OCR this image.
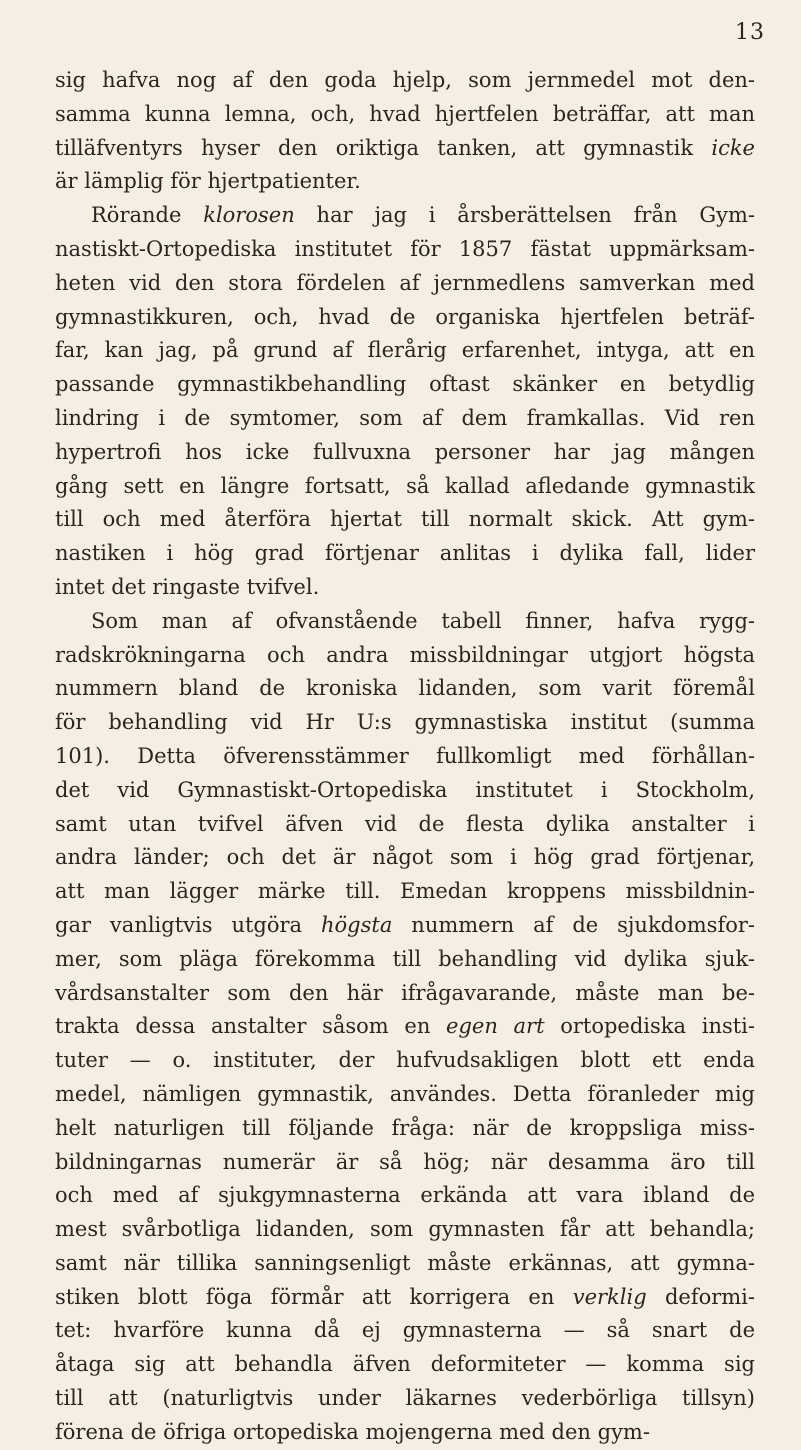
13
sig hafva nog af den goda hjelp, som jernmedel mot den-
samma kunna lemna, och, hvad hjertfelen beträffar, att man
tilläfventyrs hyser den oriktiga tanken, att gymnastik icke
är lämplig för hjertpatienter.
Rörande klorosen har jag i årsberättelsen från Gym-
nastiskt-Ortopediska institutet för 1857 fästat uppmärksam-
heten vid den stora fördelen af jernmedlens samverkan med
gymnastikkuren, och, hvad de organiska hjertfelen beträf-
far, kan jag, på grund af flerårig erfarenhet, intyga, att en
passande gymnastikbehandling oftast skänker en betydlig
lindring i de symtomer, som af dem framkallas. Vid ren
hypertrofi hos icke fullvuxna personer har jag mången
gång sett en längre fortsatt, så kallad afledande gymnastik
till och med återföra hjertat till normalt skick. Att gym-
nastiken i hög grad förtjenar anlitas i dylika fall, lider
intet det ringaste tvifvel.
Som man af ofvanstående tabell finner, hafva rygg-
radskrökningarna och andra missbildningar utgjort högsta
nummern bland de kroniska lidanden, som varit föremål
för behandling vid Hr U:s gymnastiska institut (summa
101). Detta öfverensstämmer fullkomligt med förhållan-
det vid Gymnastiskt-Ortopediska institutet i Stockholm,
samt utan tvifvel äfven vid de flesta dylika anstalter i
andra länder; och det är något som i hög grad förtjenar,
att man lägger märke till. Emedan kroppens missbildnin-
gar vanligtvis utgöra högsta nummern af de sjukdomsfor-
mer, som pläga förekomma till behandling vid dylika sjuk-
vårdsanstalter som den här ifrågavarande, måste man be-
trakta dessa anstalter såsom en egen art ortopediska insti-
tuter — o. instituter, der hufvudsakligen blott ett enda
medel, nämligen gymnastik, användes. Detta föranleder mig
helt naturligen till följande fråga: när de kroppsliga miss-
bildningarnas numerär är så hög; när desamma äro till
och med af sjukgymnasterna erkända att vara ibland de
mest svårbotliga lidanden, som gymnasten får att behandla;
samt när tillika sanningsenligt måste erkännas, att gymna-
stiken blott föga förmår att korrigera en verklig deformi-
tet: hvarföre kunna då ej gymnasterna — så snart de
åtaga sig att behandla äfven deformiteter — komma sig
till att (naturligtvis under läkarnes vederbörliga tillsyn)
förena de öfriga ortopediska mojengerna med den gym-
